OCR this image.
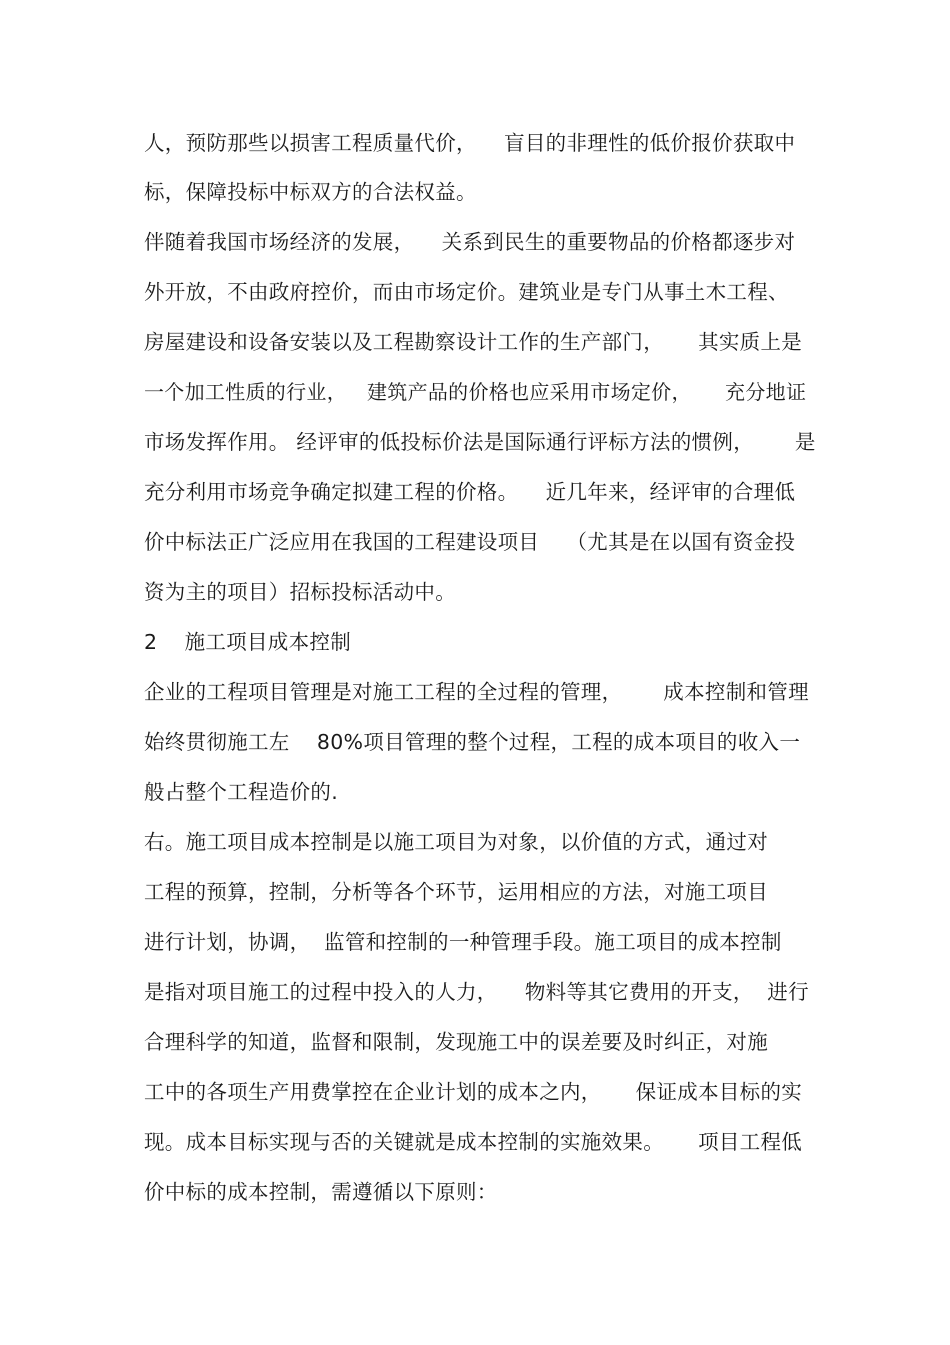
人，预防那些以损害工程质量代价，    盲目的非理性的低价报价获取中
标，保障投标中标双方的合法权益。
伴随着我国市场经济的发展，    关系到民生的重要物品的价格都逐步对
外开放，不由政府控价，而由市场定价。建筑业是专门从事土木工程、
房屋建设和设备安装以及工程勘察设计工作的生产部门，     其实质上是
一个加工性质的行业，   建筑产品的价格也应采用市场定价，     充分地证
市场发挥作用。 经评审的低投标价法是国际通行评标方法的惯例，      是
充分利用市场竞争确定拟建工程的价格。    近几年来，经评审的合理低
价中标法正广泛应用在我国的工程建设项目    （尤其是在以国有资金投
资为主的项目）招标投标活动中。
2    施工项目成本控制
企业的工程项目管理是对施工工程的全过程的管理，      成本控制和管理
始终贯彻施工左    80%项目管理的整个过程，工程的成本项目的收入一
般占整个工程造价的.
右。施工项目成本控制是以施工项目为对象，以价值的方式，通过对
工程的预算，控制，分析等各个环节，运用相应的方法，对施工项目
进行计划，协调，  监管和控制的一种管理手段。施工项目的成本控制
是指对项目施工的过程中投入的人力，    物料等其它费用的开支，  进行
合理科学的知道，监督和限制，发现施工中的误差要及时纠正，对施
工中的各项生产用费掌控在企业计划的成本之内，     保证成本目标的实
现。成本目标实现与否的关键就是成本控制的实施效果。     项目工程低
价中标的成本控制，需遵循以下原则：
